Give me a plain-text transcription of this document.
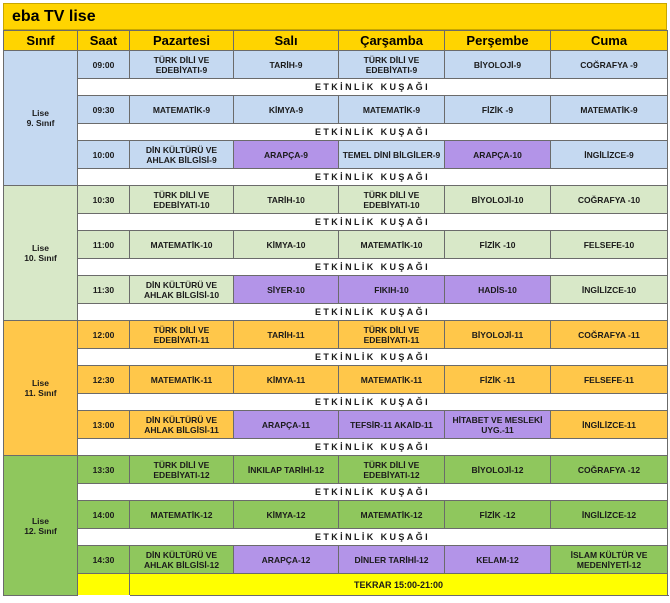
eba TV lise
Sınıf	Saat	Pazartesi	Salı	Çarşamba	Perşembe	Cuma
Lise
9. Sınıf	09:00	TÜRK DİLİ VE EDEBİYATI-9	TARİH-9	TÜRK DİLİ VE EDEBİYATI-9	BİYOLOJİ-9	COĞRAFYA -9
	ETKİNLİK KUŞAĞI					
	09:30	MATEMATİK-9	KİMYA-9	MATEMATİK-9	FİZİK -9	MATEMATİK-9
	ETKİNLİK KUŞAĞI					
	10:00	DİN KÜLTÜRÜ VE AHLAK BİLGİSİ-9	ARAPÇA-9	TEMEL DİNİ BİLGİLER-9	ARAPÇA-10	İNGİLİZCE-9
	ETKİNLİK KUŞAĞI					
Lise
10. Sınıf	10:30	TÜRK DİLİ VE EDEBİYATI-10	TARİH-10	TÜRK DİLİ VE EDEBİYATI-10	BİYOLOJİ-10	COĞRAFYA -10
	ETKİNLİK KUŞAĞI					
	11:00	MATEMATİK-10	KİMYA-10	MATEMATİK-10	FİZİK -10	FELSEFE-10
	ETKİNLİK KUŞAĞI					
	11:30	DİN KÜLTÜRÜ VE AHLAK BİLGİSİ-10	SİYER-10	FIKIH-10	HADİS-10	İNGİLİZCE-10
	ETKİNLİK KUŞAĞI					
Lise
11. Sınıf	12:00	TÜRK DİLİ VE EDEBİYATI-11	TARİH-11	TÜRK DİLİ VE EDEBİYATI-11	BİYOLOJİ-11	COĞRAFYA -11
	ETKİNLİK KUŞAĞI					
	12:30	MATEMATİK-11	KİMYA-11	MATEMATİK-11	FİZİK -11	FELSEFE-11
	ETKİNLİK KUŞAĞI					
	13:00	DİN KÜLTÜRÜ VE AHLAK BİLGİSİ-11	ARAPÇA-11	TEFSİR-11 AKAİD-11	HİTABET VE MESLEKİ UYG.-11	İNGİLİZCE-11
	ETKİNLİK KUŞAĞI					
Lise
12. Sınıf	13:30	TÜRK DİLİ VE EDEBİYATI-12	İNKILAP TARİHİ-12	TÜRK DİLİ VE EDEBİYATI-12	BİYOLOJİ-12	COĞRAFYA -12
	ETKİNLİK KUŞAĞI					
	14:00	MATEMATİK-12	KİMYA-12	MATEMATİK-12	FİZİK -12	İNGİLİZCE-12
	ETKİNLİK KUŞAĞI					
	14:30	DİN KÜLTÜRÜ VE AHLAK BİLGİSİ-12	ARAPÇA-12	DİNLER TARİHİ-12	KELAM-12	İSLAM KÜLTÜR VE MEDENİYETİ-12
		TEKRAR 15:00-21:00				
